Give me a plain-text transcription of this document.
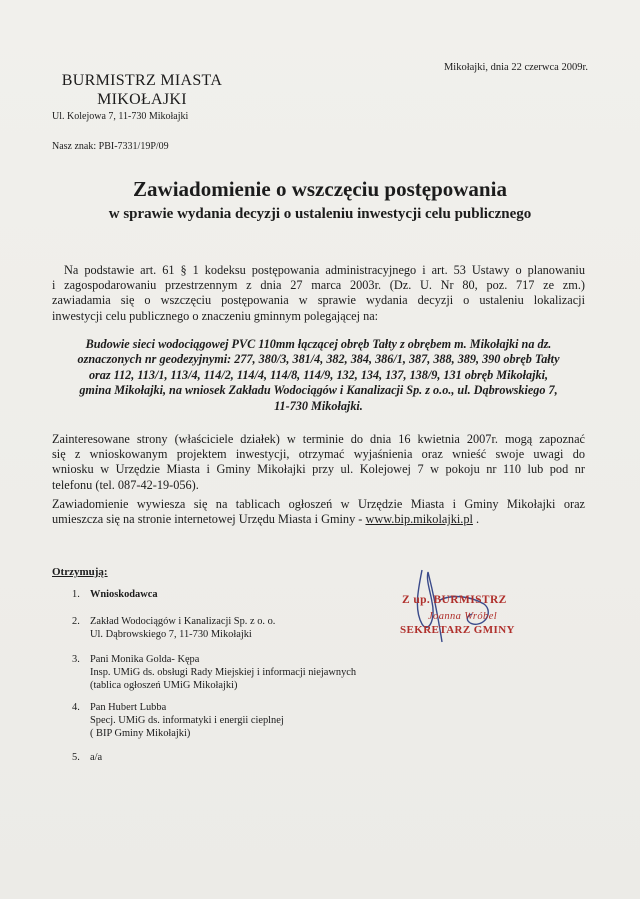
Mikołajki, dnia 22 czerwca 2009r.
BURMISTRZ MIASTA
MIKOŁAJKI
Ul. Kolejowa 7, 11-730 Mikołajki
Nasz znak: PBI-7331/19P/09
Zawiadomienie o wszczęciu postępowania
w sprawie wydania decyzji o ustaleniu inwestycji celu publicznego
Na podstawie art. 61 § 1 kodeksu postępowania administracyjnego i art. 53 Ustawy o planowaniu
i zagospodarowaniu przestrzennym z dnia 27 marca 2003r. (Dz. U. Nr 80, poz. 717 ze zm.)
zawiadamia się o wszczęciu postępowania w sprawie wydania decyzji o ustaleniu lokalizacji
inwestycji celu publicznego o znaczeniu gminnym polegającej na:
Budowie sieci wodociągowej PVC 110mm łączącej obręb Tałty z obrębem m. Mikołajki na dz.
oznaczonych nr geodezyjnymi: 277, 380/3, 381/4, 382, 384, 386/1, 387, 388, 389, 390 obręb Tałty
oraz 112, 113/1, 113/4, 114/2, 114/4, 114/8, 114/9, 132, 134, 137, 138/9, 131 obręb Mikołajki,
gmina Mikołajki, na wniosek Zakładu Wodociągów i Kanalizacji Sp. z o.o., ul. Dąbrowskiego 7,
11-730 Mikołajki.
Zainteresowane strony (właściciele działek) w terminie do dnia 16 kwietnia 2007r. mogą zapoznać
się z wnioskowanym projektem inwestycji, otrzymać wyjaśnienia oraz wnieść swoje uwagi do
wniosku w Urzędzie Miasta i Gminy Mikołajki przy ul. Kolejowej 7 w pokoju nr 110 lub pod nr
telefonu (tel. 087-42-19-056).
Zawiadomienie wywiesza się na tablicach ogłoszeń w Urzędzie Miasta i Gminy Mikołajki oraz
umieszcza się na stronie internetowej Urzędu Miasta i Gminy - www.bip.mikolajki.pl .
Otrzymują:
1. Wnioskodawca
2. Zakład Wodociągów i Kanalizacji Sp. z o. o.
Ul. Dąbrowskiego 7, 11-730 Mikołajki
3. Pani Monika Golda- Kępa
Insp. UMiG ds. obsługi Rady Miejskiej i informacji niejawnych
(tablica ogłoszeń UMiG Mikołajki)
4. Pan Hubert Lubba
Specj. UMiG ds. informatyki i energii cieplnej
( BIP Gminy Mikołajki)
5. a/a
Z up. BURMISTRZ
Joanna Wróbel
SEKRETARZ GMINY
